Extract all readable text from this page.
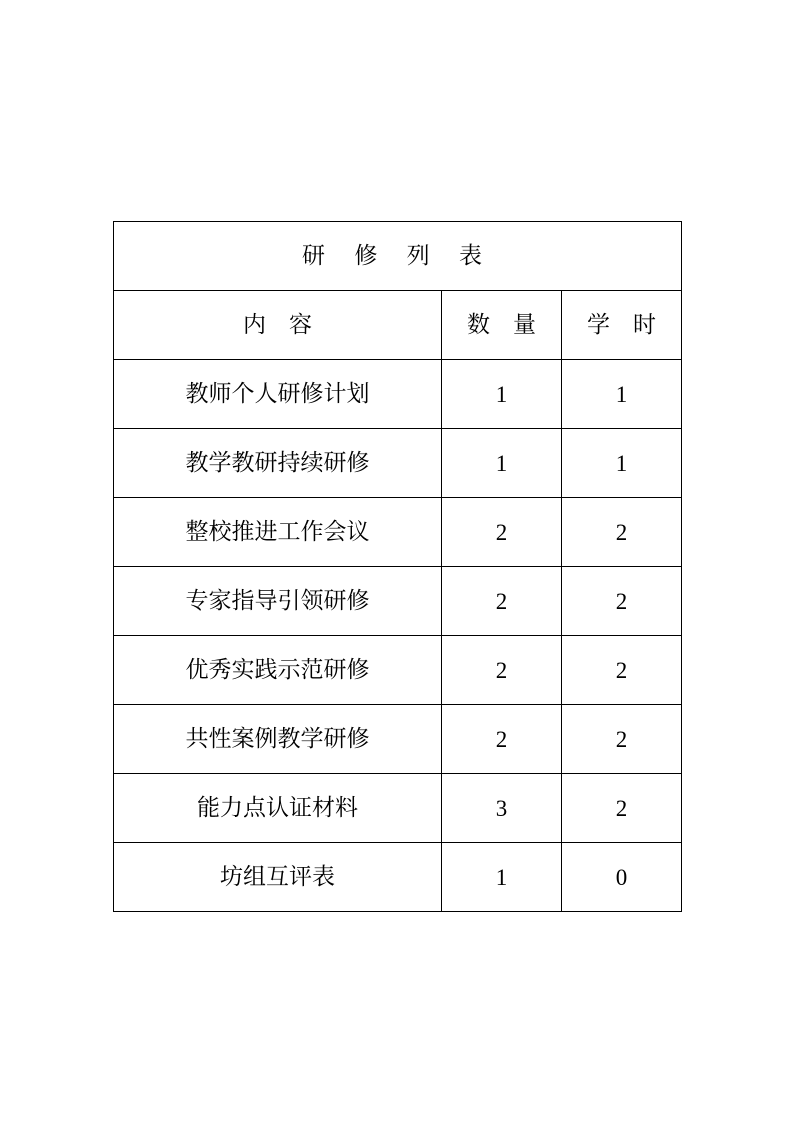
研 修 列 表		
内　容	数　量	学　时
教师个人研修计划	1	1
教学教研持续研修	1	1
整校推进工作会议	2	2
专家指导引领研修	2	2
优秀实践示范研修	2	2
共性案例教学研修	2	2
能力点认证材料	3	2
坊组互评表	1	0
